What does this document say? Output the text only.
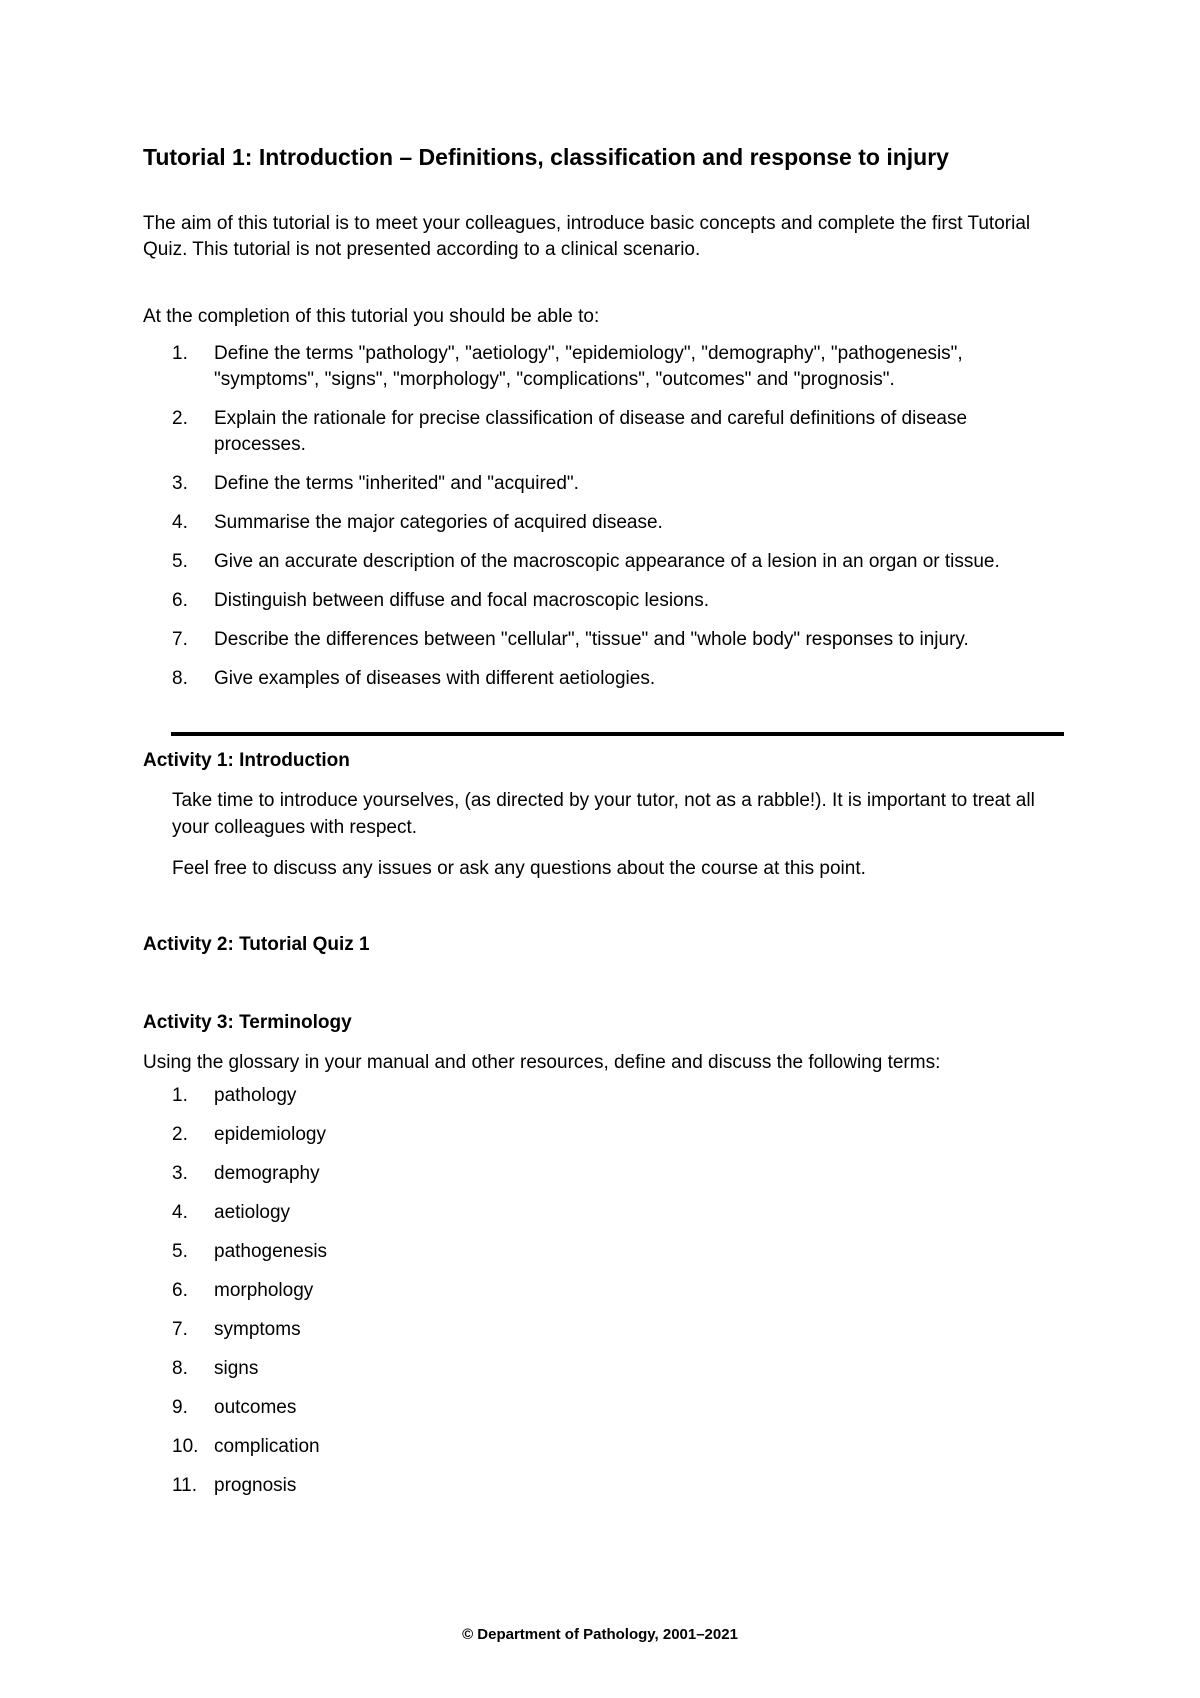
Tutorial 1: Introduction – Definitions, classification and response to injury
The aim of this tutorial is to meet your colleagues, introduce basic concepts and complete the first Tutorial Quiz. This tutorial is not presented according to a clinical scenario.
At the completion of this tutorial you should be able to:
1. Define the terms "pathology", "aetiology", "epidemiology", "demography", "pathogenesis", "symptoms", "signs", "morphology", "complications", "outcomes" and "prognosis".
2. Explain the rationale for precise classification of disease and careful definitions of disease processes.
3. Define the terms "inherited" and "acquired".
4. Summarise the major categories of acquired disease.
5. Give an accurate description of the macroscopic appearance of a lesion in an organ or tissue.
6. Distinguish between diffuse and focal macroscopic lesions.
7. Describe the differences between "cellular", "tissue" and "whole body" responses to injury.
8. Give examples of diseases with different aetiologies.
Activity 1: Introduction
Take time to introduce yourselves, (as directed by your tutor, not as a rabble!). It is important to treat all your colleagues with respect.
Feel free to discuss any issues or ask any questions about the course at this point.
Activity 2: Tutorial Quiz 1
Activity 3: Terminology
Using the glossary in your manual and other resources, define and discuss the following terms:
1. pathology
2. epidemiology
3. demography
4. aetiology
5. pathogenesis
6. morphology
7. symptoms
8. signs
9. outcomes
10. complication
11. prognosis
© Department of Pathology, 2001–2021
